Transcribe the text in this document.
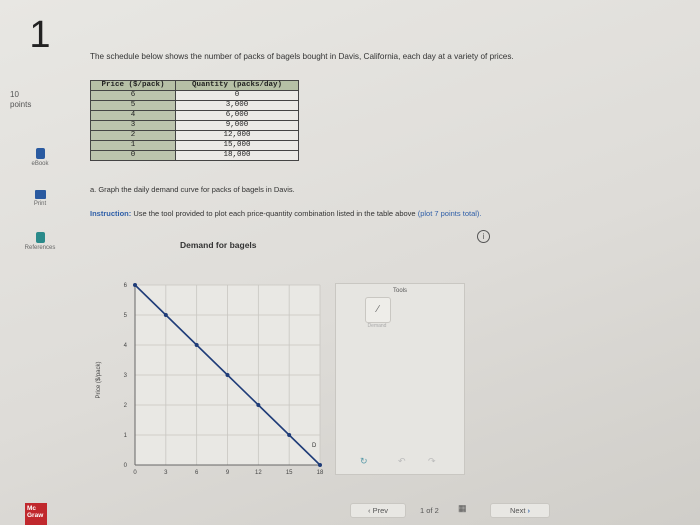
1
10
points
eBook
Print
References
The schedule below shows the number of packs of bagels bought in Davis, California, each day at a variety of prices.
Price ($/pack)	Quantity (packs/day)
6	0
5	3,000
4	6,000
3	9,000
2	12,000
1	15,000
0	18,000
a. Graph the daily demand curve for packs of bagels in Davis.
Instruction: Use the tool provided to plot each price-quantity combination listed in the table above (plot 7 points total).
i
Demand for bagels
0	3	6	9	12	15	18
0
1
2
3
4
5
6
Price ($/pack)
D
Tools
∕
Demand
↻	↶ ↷
Mc
Graw
‹ Prev	1 of 2 ▦	Next ›
